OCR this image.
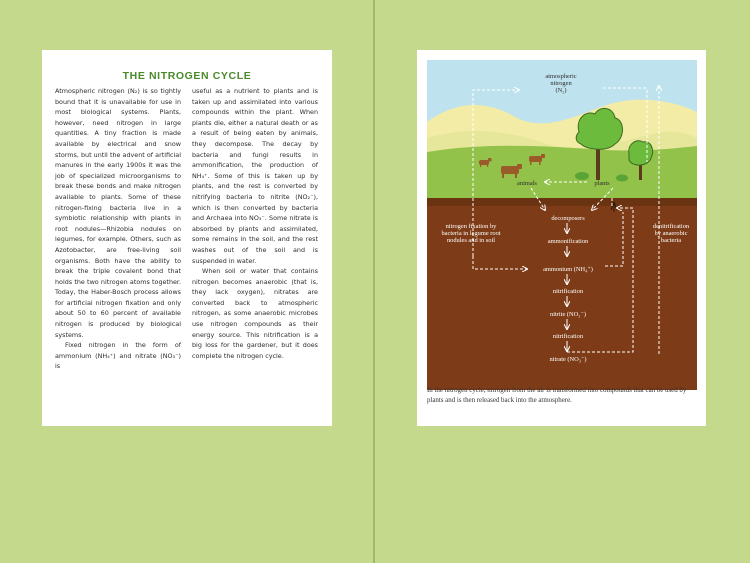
THE NITROGEN CYCLE

Atmospheric nitrogen (N₂) is so tightly bound that it is unavailable for use in most biological systems. Plants, however, need nitrogen in large quantities. A tiny fraction is made available by electrical and snow storms, but until the advent of artificial manures in the early 1900s it was the job of specialized microorganisms to break these bonds and make nitrogen available to plants. Some of these nitrogen-fixing bacteria live in a symbiotic relationship with plants in root nodules—Rhizobia nodules on legumes, for example. Others, such as Azotobacter, are free-living soil organisms. Both have the ability to break the triple covalent bond that holds the two nitrogen atoms together. Today, the Haber-Bosch process allows for artificial nitrogen fixation and only about 50 to 60 percent of available nitrogen is produced by biological systems.

Fixed nitrogen in the form of ammonium (NH₄⁺) and nitrate (NO₃⁻) is

useful as a nutrient to plants and is taken up and assimilated into various compounds within the plant. When plants die, either a natural death or as a result of being eaten by animals, they decompose. The decay by bacteria and fungi results in ammonification, the production of NH₄⁺. Some of this is taken up by plants, and the rest is converted by nitrifying bacteria to nitrite (NO₂⁻), which is then converted by bacteria and Archaea into NO₃⁻. Some nitrate is absorbed by plants and assimilated, some remains in the soil, and the rest washes out of the soil and is suspended in water.

When soil or water that contains nitrogen becomes anaerobic (that is, they lack oxygen), nitrates are converted back to atmospheric nitrogen, as some anaerobic microbes use nitrogen compounds as their energy source. This nitrification is a big loss for the gardener, but it does complete the nitrogen cycle.

atmospheric
nitrogen
(N₂)
animals	plants
decomposers
ammonification
ammonium (NH₄⁺)
nitrification
nitrite (NO₂⁻)
nitrification
nitrate (NO₃⁻)
nitrogen fixation by
bacteria in legume root
nodules and in soil
denitrification
by anaerobic
bacteria
In the nitrogen cycle, nitrogen from the air is transformed into compounds that can be used by plants and is then released back into the atmosphere.
